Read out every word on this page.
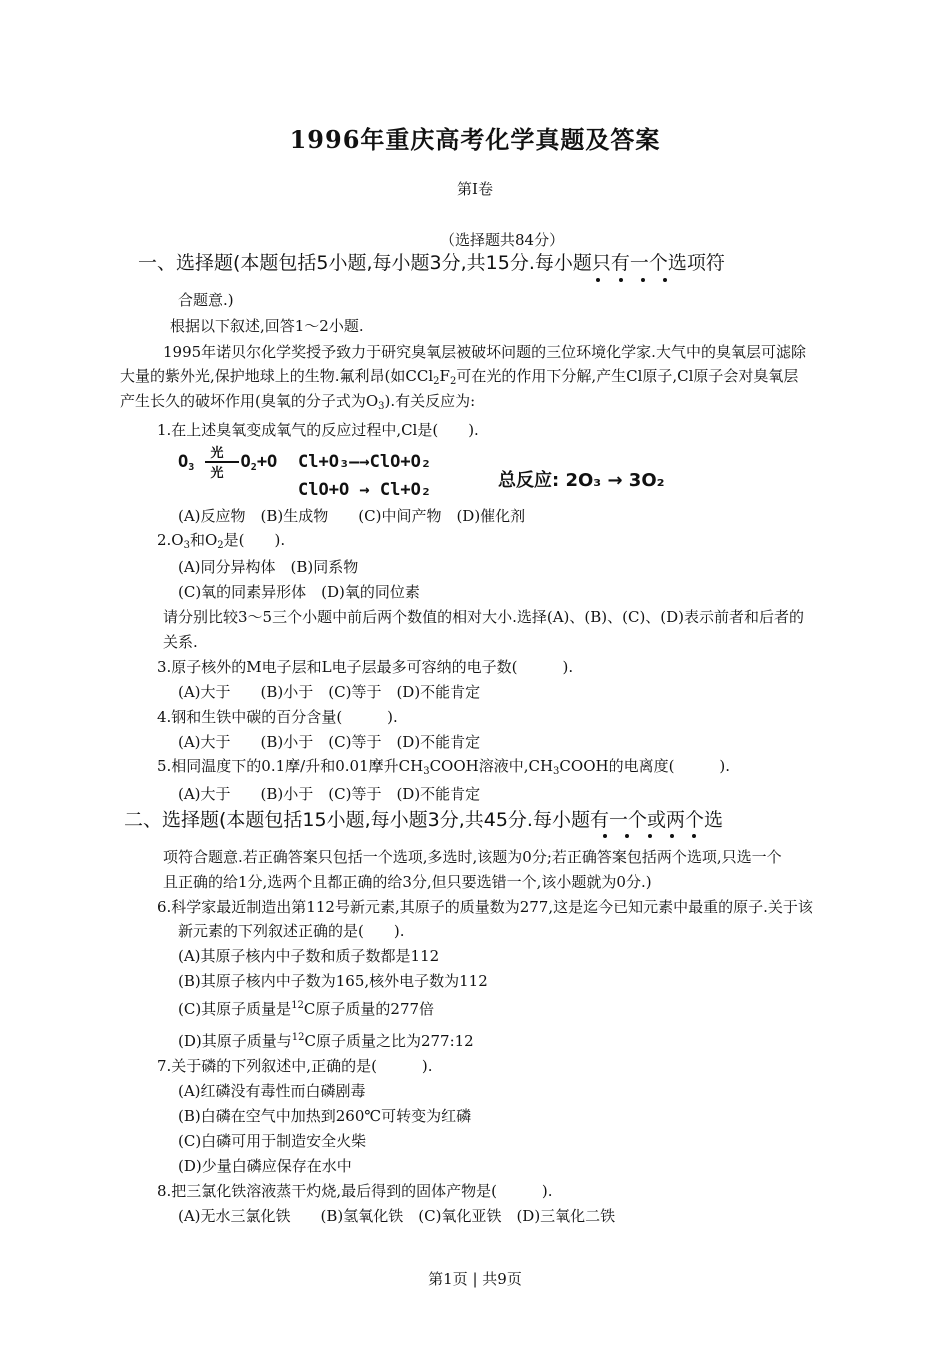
1996年重庆高考化学真题及答案
第I卷
（选择题共84分）
一、选择题(本题包括5小题,每小题3分,共15分.每小题只有一个选项符
合题意.)
根据以下叙述,回答1～2小题.
1995年诺贝尔化学奖授予致力于研究臭氧层被破坏问题的三位环境化学家.大气中的臭氧层可滤除
大量的紫外光,保护地球上的生物.氟利昂(如$CCl_2F_2$可在光的作用下分解,产生Cl原子,Cl原子会对臭氧层
产生长久的破坏作用(臭氧的分子式为$O_3$).有关反应为:
1.在上述臭氧变成氧气的反应过程中,Cl是(　　).
$O_3$
光
光
$O_2+O$ Cl+O₃—→ClO+O₂
ClO+O → Cl+O₂	总反应: 2O₃ → 3O₂
(A)反应物　(B)生成物　　(C)中间产物　(D)催化剂
$2.O_3$和$O_2$是(　　).
(A)同分异构体　(B)同系物
(C)氧的同素异形体　(D)氧的同位素
请分别比较3～5三个小题中前后两个数值的相对大小.选择(A)、(B)、(C)、(D)表示前者和后者的
关系.
3.原子核外的M电子层和L电子层最多可容纳的电子数(　　　).
(A)大于　　(B)小于　(C)等于　(D)不能肯定
4.钢和生铁中碳的百分含量(　　　).
(A)大于　　(B)小于　(C)等于　(D)不能肯定
5.相同温度下的0.1摩/升和0.01摩升$CH_3COOH$溶液中$,CH_3COOH$的电离度(　　　).
(A)大于　　(B)小于　(C)等于　(D)不能肯定
二、选择题(本题包括15小题,每小题3分,共45分.每小题有一个或两个选
项符合题意.若正确答案只包括一个选项,多选时,该题为0分;若正确答案包括两个选项,只选一个
且正确的给1分,选两个且都正确的给3分,但只要选错一个,该小题就为0分.)
6.科学家最近制造出第112号新元素,其原子的质量数为277,这是迄今已知元素中最重的原子.关于该
新元素的下列叙述正确的是(　　).
(A)其原子核内中子数和质子数都是112
(B)其原子核内中子数为165,核外电子数为112
(C)其原子质量是$^{12}$C原子质量的277倍
(D)其原子质量与$^{12}$C原子质量之比为277:12
7.关于磷的下列叙述中,正确的是(　　　).
(A)红磷没有毒性而白磷剧毒
(B)白磷在空气中加热到260℃可转变为红磷
(C)白磷可用于制造安全火柴
(D)少量白磷应保存在水中
8.把三氯化铁溶液蒸干灼烧,最后得到的固体产物是(　　　).
(A)无水三氯化铁　　(B)氢氧化铁　(C)氧化亚铁　(D)三氧化二铁
第1页 | 共9页
